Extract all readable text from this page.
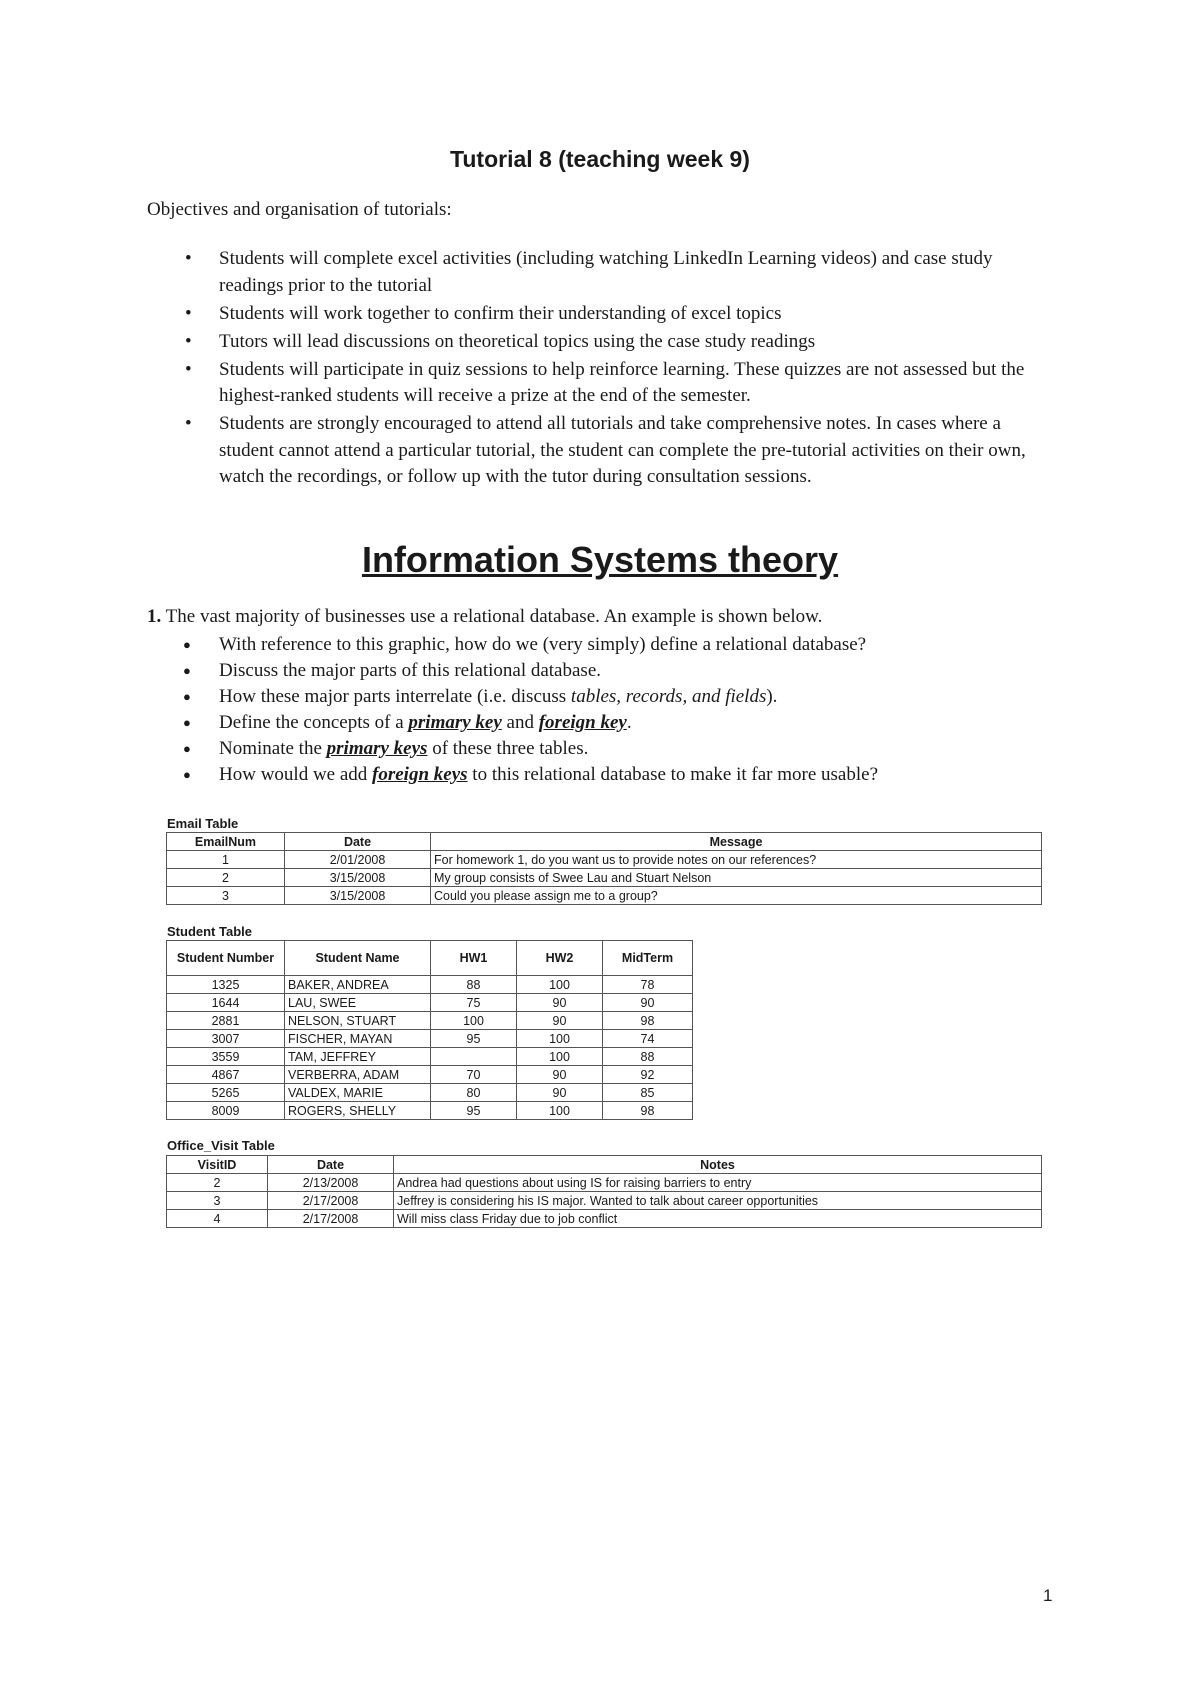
Tutorial 8 (teaching week 9)

Objectives and organisation of tutorials:

• Students will complete excel activities (including watching LinkedIn Learning videos) and case study readings prior to the tutorial
• Students will work together to confirm their understanding of excel topics
• Tutors will lead discussions on theoretical topics using the case study readings
• Students will participate in quiz sessions to help reinforce learning. These quizzes are not assessed but the highest-ranked students will receive a prize at the end of the semester.
• Students are strongly encouraged to attend all tutorials and take comprehensive notes. In cases where a student cannot attend a particular tutorial, the student can complete the pre-tutorial activities on their own, watch the recordings, or follow up with the tutor during consultation sessions.
Information Systems theory

1. The vast majority of businesses use a relational database. An example is shown below.

● With reference to this graphic, how do we (very simply) define a relational database?
● Discuss the major parts of this relational database.
● How these major parts interrelate (i.e. discuss tables, records, and fields).
● Define the concepts of a primary key and foreign key.
● Nominate the primary keys of these three tables.
● How would we add foreign keys to this relational database to make it far more usable?

Email Table

EmailNum	Date	Message
1	2/01/2008	For homework 1, do you want us to provide notes on our references?
2	3/15/2008	My group consists of Swee Lau and Stuart Nelson
3	3/15/2008	Could you please assign me to a group?

Student Table

Student Number	Student Name	HW1	HW2	MidTerm
1325	BAKER, ANDREA	88	100	78
1644	LAU, SWEE	75	90	90
2881	NELSON, STUART	100	90	98
3007	FISCHER, MAYAN	95	100	74
3559	TAM, JEFFREY		100	88
4867	VERBERRA, ADAM	70	90	92
5265	VALDEX, MARIE	80	90	85
8009	ROGERS, SHELLY	95	100	98

Office_Visit Table

VisitID	Date	Notes
2	2/13/2008	Andrea had questions about using IS for raising barriers to entry
3	2/17/2008	Jeffrey is considering his IS major. Wanted to talk about career opportunities
4	2/17/2008	Will miss class Friday due to job conflict

1
